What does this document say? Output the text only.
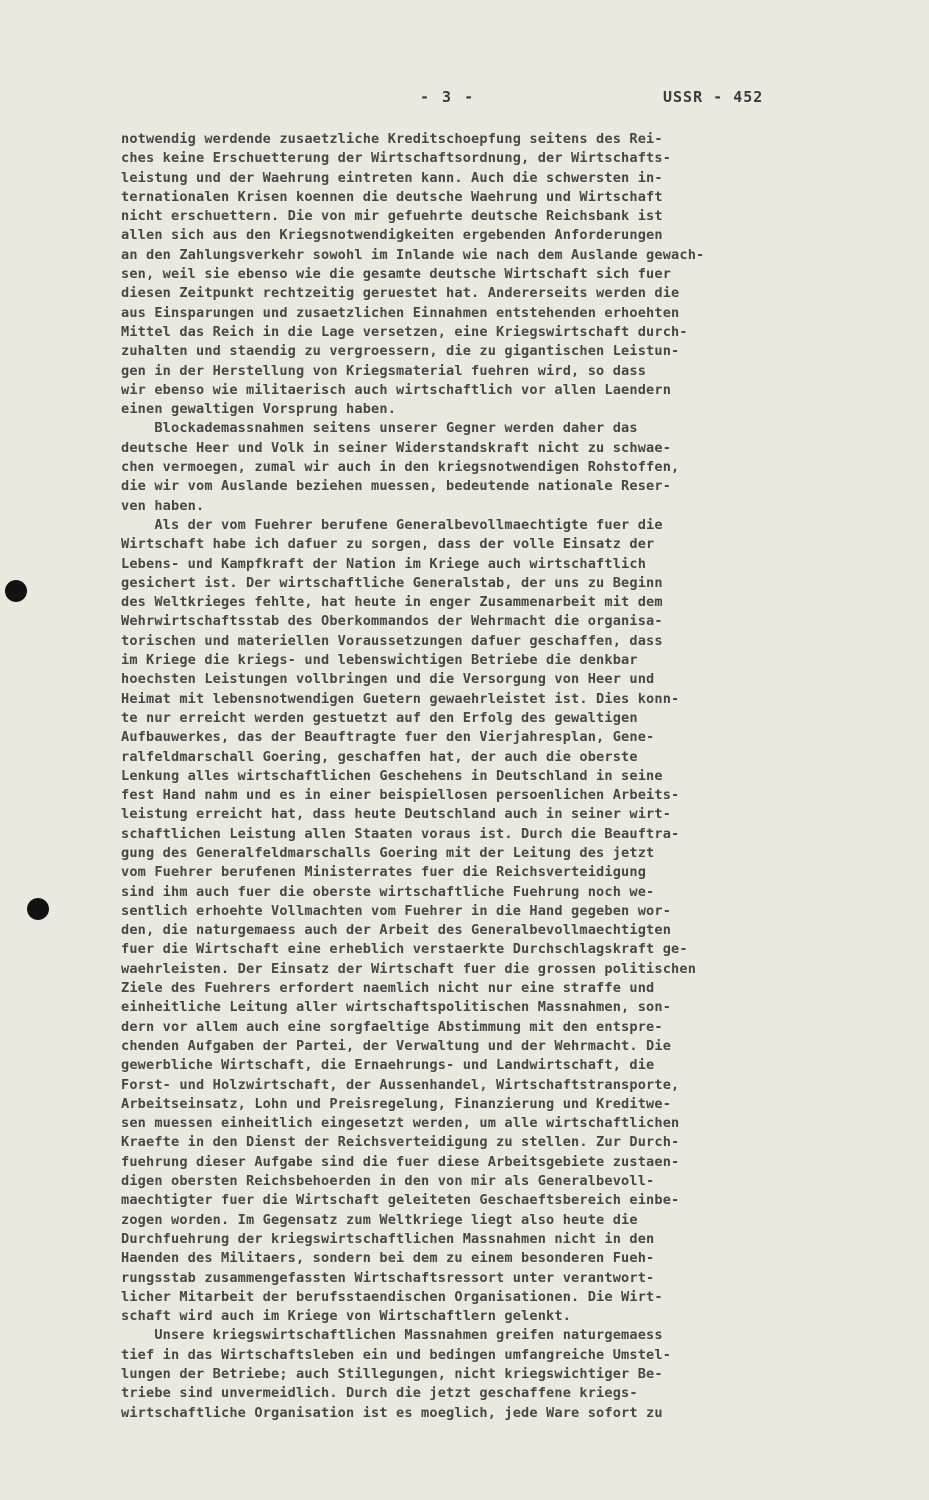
- 3 -	USSR - 452
notwendig werdende zusaetzliche Kreditschoepfung seitens des Rei-
ches keine Erschuetterung der Wirtschaftsordnung, der Wirtschafts-
leistung und der Waehrung eintreten kann. Auch die schwersten in-
ternationalen Krisen koennen die deutsche Waehrung und Wirtschaft
nicht erschuettern. Die von mir gefuehrte deutsche Reichsbank ist
allen sich aus den Kriegsnotwendigkeiten ergebenden Anforderungen
an den Zahlungsverkehr sowohl im Inlande wie nach dem Auslande gewach-
sen, weil sie ebenso wie die gesamte deutsche Wirtschaft sich fuer
diesen Zeitpunkt rechtzeitig geruestet hat. Andererseits werden die
aus Einsparungen und zusaetzlichen Einnahmen entstehenden erhoehten
Mittel das Reich in die Lage versetzen, eine Kriegswirtschaft durch-
zuhalten und staendig zu vergroessern, die zu gigantischen Leistun-
gen in der Herstellung von Kriegsmaterial fuehren wird, so dass
wir ebenso wie militaerisch auch wirtschaftlich vor allen Laendern
einen gewaltigen Vorsprung haben.
Blockademassnahmen seitens unserer Gegner werden daher das
deutsche Heer und Volk in seiner Widerstandskraft nicht zu schwae-
chen vermoegen, zumal wir auch in den kriegsnotwendigen Rohstoffen,
die wir vom Auslande beziehen muessen, bedeutende nationale Reser-
ven haben.
Als der vom Fuehrer berufene Generalbevollmaechtigte fuer die
Wirtschaft habe ich dafuer zu sorgen, dass der volle Einsatz der
Lebens- und Kampfkraft der Nation im Kriege auch wirtschaftlich
gesichert ist. Der wirtschaftliche Generalstab, der uns zu Beginn
des Weltkrieges fehlte, hat heute in enger Zusammenarbeit mit dem
Wehrwirtschaftsstab des Oberkommandos der Wehrmacht die organisa-
torischen und materiellen Voraussetzungen dafuer geschaffen, dass
im Kriege die kriegs- und lebenswichtigen Betriebe die denkbar
hoechsten Leistungen vollbringen und die Versorgung von Heer und
Heimat mit lebensnotwendigen Guetern gewaehrleistet ist. Dies konn-
te nur erreicht werden gestuetzt auf den Erfolg des gewaltigen
Aufbauwerkes, das der Beauftragte fuer den Vierjahresplan, Gene-
ralfeldmarschall Goering, geschaffen hat, der auch die oberste
Lenkung alles wirtschaftlichen Geschehens in Deutschland in seine
fest Hand nahm und es in einer beispiellosen persoenlichen Arbeits-
leistung erreicht hat, dass heute Deutschland auch in seiner wirt-
schaftlichen Leistung allen Staaten voraus ist. Durch die Beauftra-
gung des Generalfeldmarschalls Goering mit der Leitung des jetzt
vom Fuehrer berufenen Ministerrates fuer die Reichsverteidigung
sind ihm auch fuer die oberste wirtschaftliche Fuehrung noch we-
sentlich erhoehte Vollmachten vom Fuehrer in die Hand gegeben wor-
den, die naturgemaess auch der Arbeit des Generalbevollmaechtigten
fuer die Wirtschaft eine erheblich verstaerkte Durchschlagskraft ge-
waehrleisten. Der Einsatz der Wirtschaft fuer die grossen politischen
Ziele des Fuehrers erfordert naemlich nicht nur eine straffe und
einheitliche Leitung aller wirtschaftspolitischen Massnahmen, son-
dern vor allem auch eine sorgfaeltige Abstimmung mit den entspre-
chenden Aufgaben der Partei, der Verwaltung und der Wehrmacht. Die
gewerbliche Wirtschaft, die Ernaehrungs- und Landwirtschaft, die
Forst- und Holzwirtschaft, der Aussenhandel, Wirtschaftstransporte,
Arbeitseinsatz, Lohn und Preisregelung, Finanzierung und Kreditwe-
sen muessen einheitlich eingesetzt werden, um alle wirtschaftlichen
Kraefte in den Dienst der Reichsverteidigung zu stellen. Zur Durch-
fuehrung dieser Aufgabe sind die fuer diese Arbeitsgebiete zustaen-
digen obersten Reichsbehoerden in den von mir als Generalbevoll-
maechtigter fuer die Wirtschaft geleiteten Geschaeftsbereich einbe-
zogen worden. Im Gegensatz zum Weltkriege liegt also heute die
Durchfuehrung der kriegswirtschaftlichen Massnahmen nicht in den
Haenden des Militaers, sondern bei dem zu einem besonderen Fueh-
rungsstab zusammengefassten Wirtschaftsressort unter verantwort-
licher Mitarbeit der berufsstaendischen Organisationen. Die Wirt-
schaft wird auch im Kriege von Wirtschaftlern gelenkt.
Unsere kriegswirtschaftlichen Massnahmen greifen naturgemaess
tief in das Wirtschaftsleben ein und bedingen umfangreiche Umstel-
lungen der Betriebe; auch Stillegungen, nicht kriegswichtiger Be-
triebe sind unvermeidlich. Durch die jetzt geschaffene kriegs-
wirtschaftliche Organisation ist es moeglich, jede Ware sofort zu
